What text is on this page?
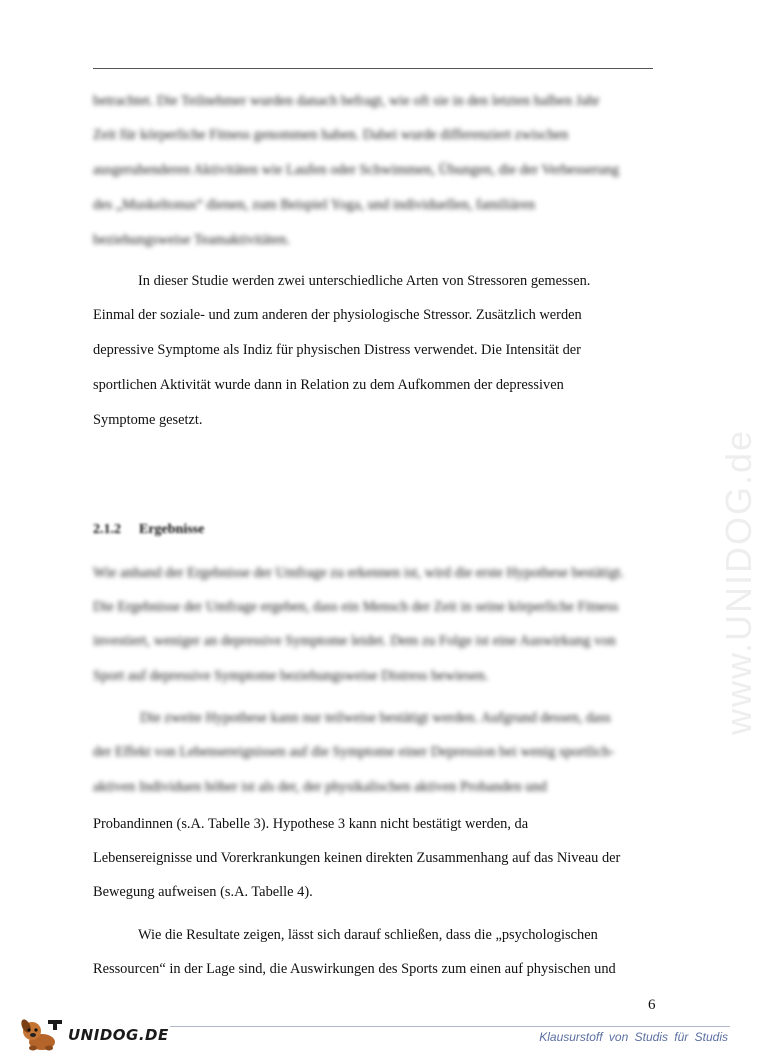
www.UNIDOG.de
betrachtet. Die Teilnehmer wurden danach befragt, wie oft sie in den letzten halben Jahr
Zeit für körperliche Fitness genommen haben. Dabei wurde differenziert zwischen
ausgeruhenderen Aktivitäten wie Laufen oder Schwimmen, Übungen, die der Verbesserung
des „Muskeltonus“ dienen, zum Beispiel Yoga, und individuellen, familiären
beziehungsweise Teamaktivitäten.
In dieser Studie werden zwei unterschiedliche Arten von Stressoren gemessen.
Einmal der soziale- und zum anderen der physiologische Stressor. Zusätzlich werden
depressive Symptome als Indiz für physischen Distress verwendet. Die Intensität der
sportlichen Aktivität wurde dann in Relation zu dem Aufkommen der depressiven
Symptome gesetzt.
2.1.2 Ergebnisse
Wie anhand der Ergebnisse der Umfrage zu erkennen ist, wird die erste Hypothese bestätigt.
Die Ergebnisse der Umfrage ergeben, dass ein Mensch der Zeit in seine körperliche Fitness
investiert, weniger an depressive Symptome leidet. Dem zu Folge ist eine Auswirkung von
Sport auf depressive Symptome beziehungsweise Distress bewiesen.
Die zweite Hypothese kann nur teilweise bestätigt werden. Aufgrund dessen, dass
der Effekt von Lebensereignissen auf die Symptome einer Depression bei wenig sportlich-
aktiven Individuen höher ist als der, der physikalischen aktiven Probanden und
Probandinnen (s.A. Tabelle 3). Hypothese 3 kann nicht bestätigt werden, da
Lebensereignisse und Vorerkrankungen keinen direkten Zusammenhang auf das Niveau der
Bewegung aufweisen (s.A. Tabelle 4).
Wie die Resultate zeigen, lässt sich darauf schließen, dass die „psychologischen
Ressourcen“ in der Lage sind, die Auswirkungen des Sports zum einen auf physischen und
6
UNIDOG.DE	Klausurstoff von Studis für Studis
